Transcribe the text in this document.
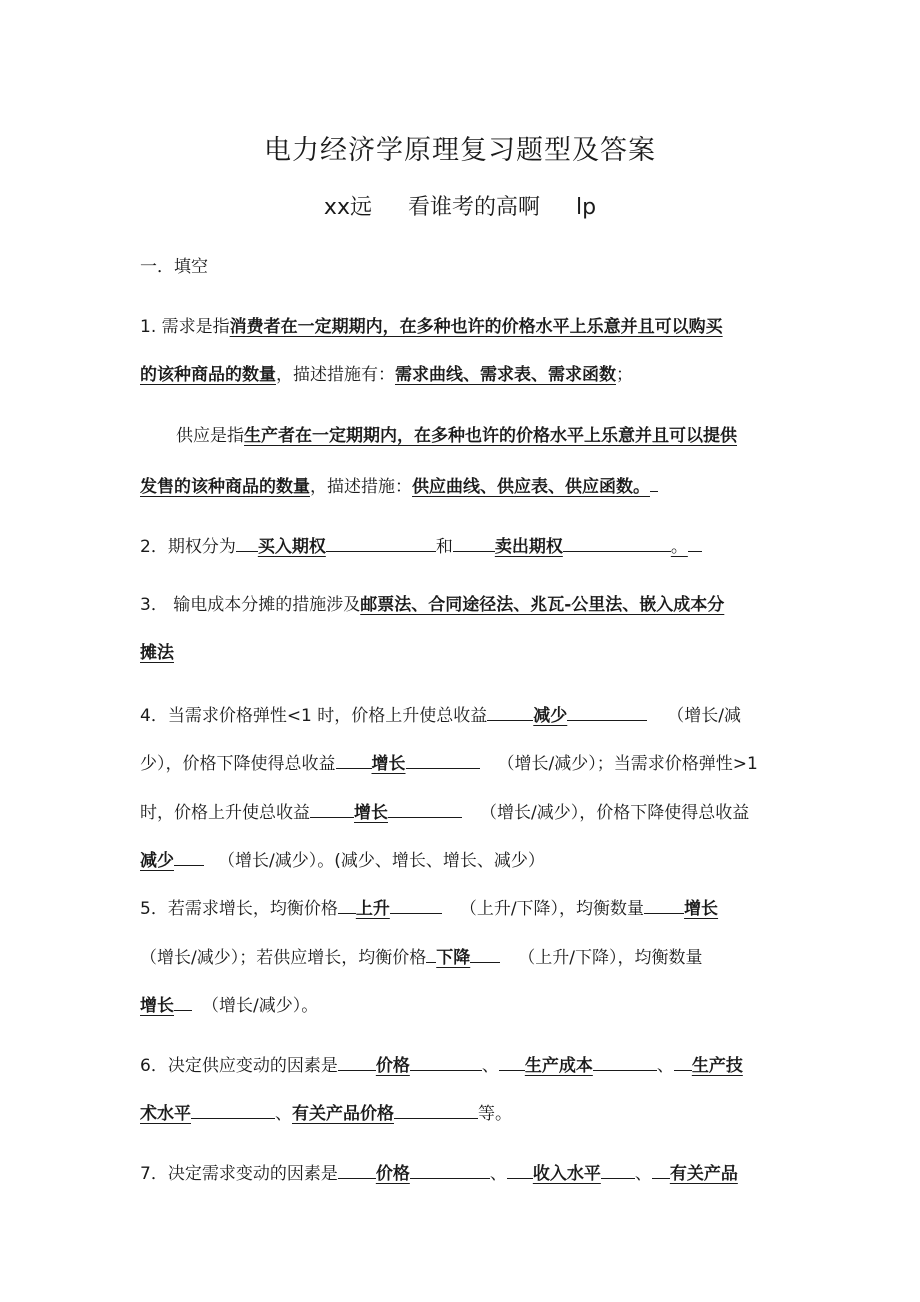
电力经济学原理复习题型及答案
xx远 看谁考的高啊 lp
一．填空
1. 需求是指消费者在一定期期内，在多种也许的价格水平上乐意并且可以购买
的该种商品的数量，描述措施有：需求曲线、需求表、需求函数；
供应是指生产者在一定期期内，在多种也许的价格水平上乐意并且可以提供
发售的该种商品的数量，描述措施：供应曲线、供应表、供应函数。
2．期权分为 买入期权	和 卖出期权	。
3． 输电成本分摊的措施涉及邮票法、合同途径法、兆瓦-公里法、嵌入成本分
摊法
4．当需求价格弹性<1 时，价格上升使总收益	减少	（增长/减
少），价格下降使得总收益 增长	（增长/减少）；当需求价格弹性>1
时，价格上升使总收益	增长	（增长/减少），价格下降使得总收益
减少	（增长/减少）。(减少、增长、增长、减少）
5．若需求增长，均衡价格 上升	（上升/下降），均衡数量 增长
（增长/减少）；若供应增长，均衡价格 下降	（上升/下降），均衡数量
增长 （增长/减少）。
6．决定供应变动的因素是 价格	、 生产成本	、 生产技
术水平	、有关产品价格	等。
7．决定需求变动的因素是 价格	、 收入水平 、 有关产品
